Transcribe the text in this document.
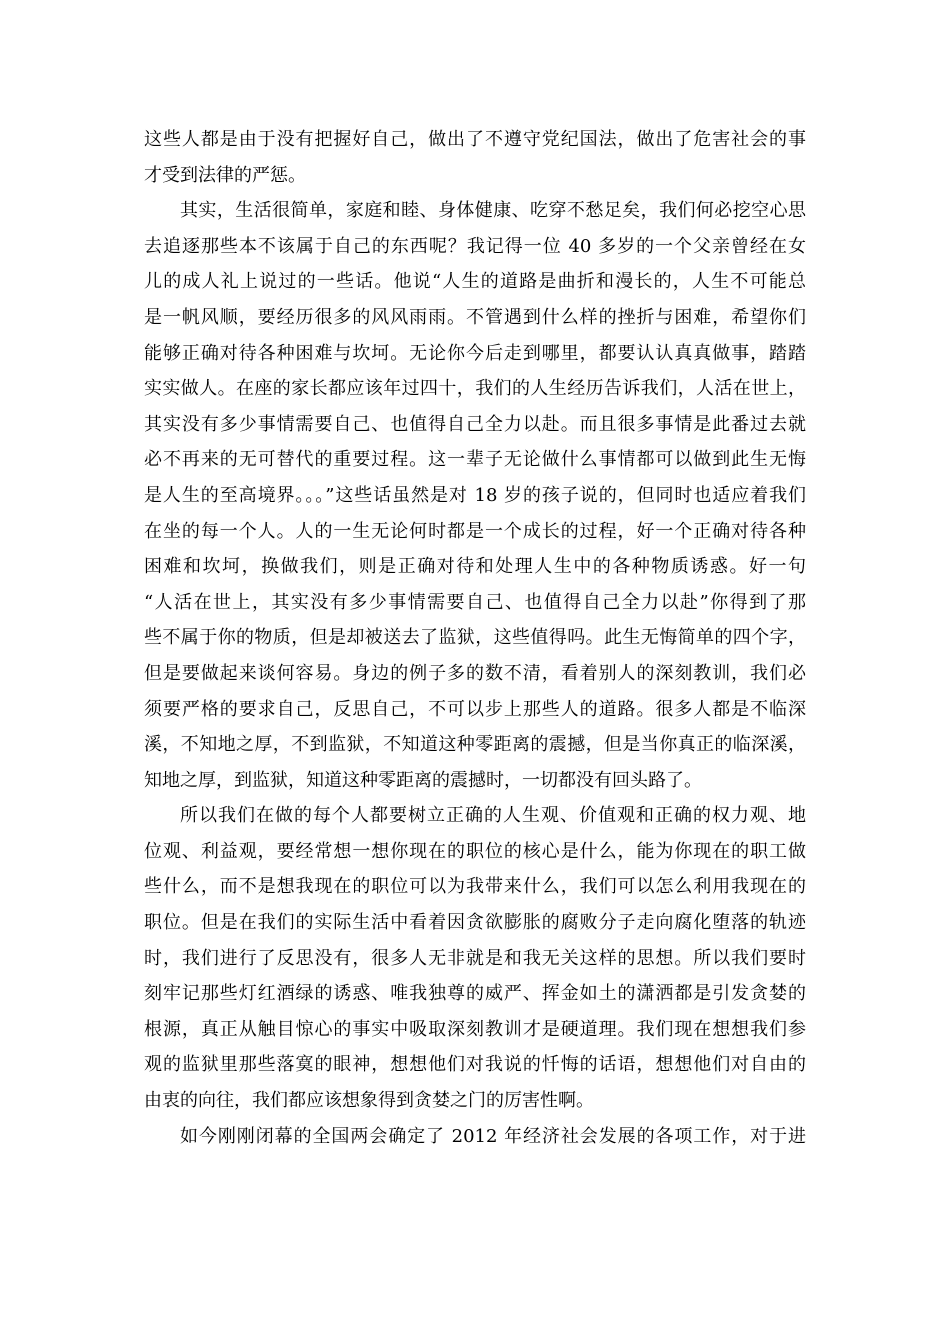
这些人都是由于没有把握好自己，做出了不遵守党纪国法，做出了危害社会的事
才受到法律的严惩。
其实，生活很简单，家庭和睦、身体健康、吃穿不愁足矣，我们何必挖空心思
去追逐那些本不该属于自己的东西呢？我记得一位 40 多岁的一个父亲曾经在女
儿的成人礼上说过的一些话。他说“人生的道路是曲折和漫长的，人生不可能总
是一帆风顺，要经历很多的风风雨雨。不管遇到什么样的挫折与困难，希望你们
能够正确对待各种困难与坎坷。无论你今后走到哪里，都要认认真真做事，踏踏
实实做人。在座的家长都应该年过四十，我们的人生经历告诉我们，人活在世上，
其实没有多少事情需要自己、也值得自己全力以赴。而且很多事情是此番过去就
必不再来的无可替代的重要过程。这一辈子无论做什么事情都可以做到此生无悔
是人生的至高境界。。。”这些话虽然是对 18 岁的孩子说的，但同时也适应着我们
在坐的每一个人。人的一生无论何时都是一个成长的过程，好一个正确对待各种
困难和坎坷，换做我们，则是正确对待和处理人生中的各种物质诱惑。好一句
“人活在世上，其实没有多少事情需要自己、也值得自己全力以赴”你得到了那
些不属于你的物质，但是却被送去了监狱，这些值得吗。此生无悔简单的四个字，
但是要做起来谈何容易。身边的例子多的数不清，看着别人的深刻教训，我们必
须要严格的要求自己，反思自己，不可以步上那些人的道路。很多人都是不临深
溪，不知地之厚，不到监狱，不知道这种零距离的震撼，但是当你真正的临深溪，
知地之厚，到监狱，知道这种零距离的震撼时，一切都没有回头路了。
所以我们在做的每个人都要树立正确的人生观、价值观和正确的权力观、地
位观、利益观，要经常想一想你现在的职位的核心是什么，能为你现在的职工做
些什么，而不是想我现在的职位可以为我带来什么，我们可以怎么利用我现在的
职位。但是在我们的实际生活中看着因贪欲膨胀的腐败分子走向腐化堕落的轨迹
时，我们进行了反思没有，很多人无非就是和我无关这样的思想。所以我们要时
刻牢记那些灯红酒绿的诱惑、唯我独尊的威严、挥金如土的潇洒都是引发贪婪的
根源，真正从触目惊心的事实中吸取深刻教训才是硬道理。我们现在想想我们参
观的监狱里那些落寞的眼神，想想他们对我说的忏悔的话语，想想他们对自由的
由衷的向往，我们都应该想象得到贪婪之门的厉害性啊。
如今刚刚闭幕的全国两会确定了 2012 年经济社会发展的各项工作，对于进
